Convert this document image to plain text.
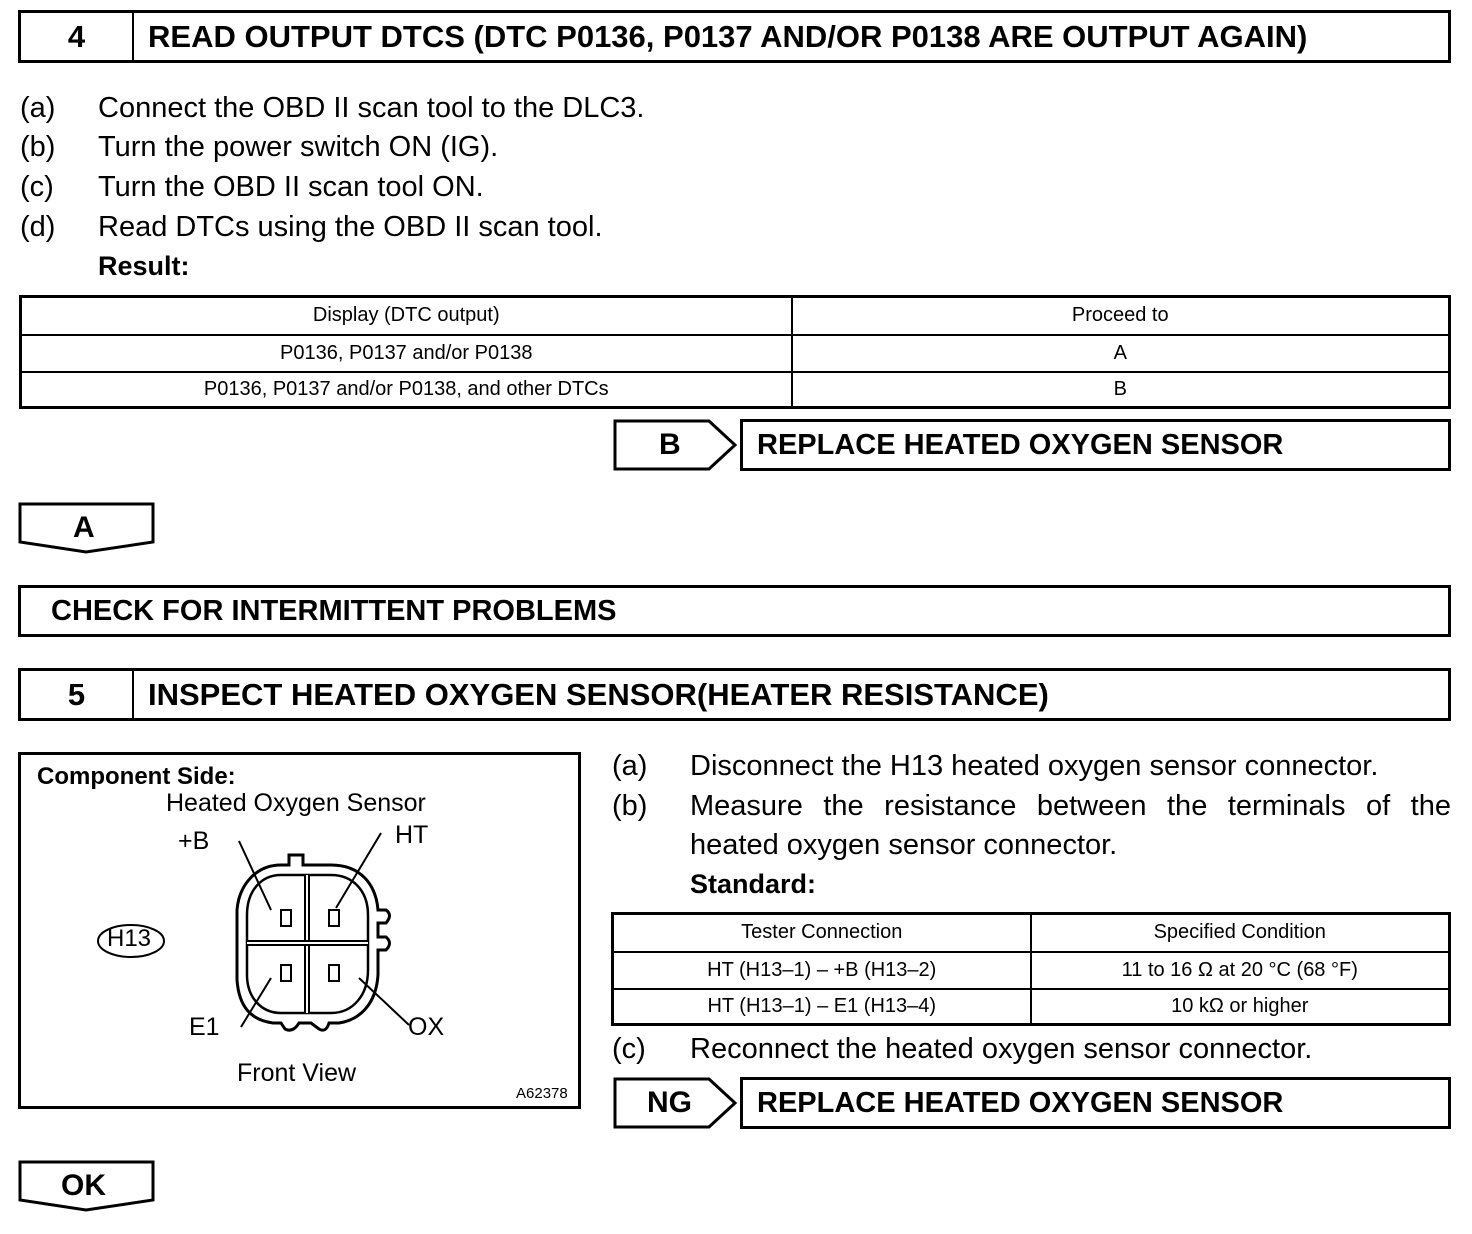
4	READ OUTPUT DTCS (DTC P0136, P0137 AND/OR P0138 ARE OUTPUT AGAIN)
(a) Connect the OBD II scan tool to the DLC3.
(b) Turn the power switch ON (IG).
(c) Turn the OBD II scan tool ON.
(d) Read DTCs using the OBD II scan tool.
Result:
Display (DTC output)	Proceed to
P0136, P0137 and/or P0138	A
P0136, P0137 and/or P0138, and other DTCs	B
B	REPLACE HEATED OXYGEN SENSOR
A
CHECK FOR INTERMITTENT PROBLEMS
5	INSPECT HEATED OXYGEN SENSOR(HEATER RESISTANCE)
Component Side:
Heated Oxygen Sensor
+B	HT
E1	OX
Front View
A62378
H13
(a) Disconnect the H13 heated oxygen sensor connector.
(b) Measure the resistance between the terminals of the
heated oxygen sensor connector.
Standard:
Tester Connection	Specified Condition
HT (H13–1) – +B (H13–2)	11 to 16 Ω at 20 °C (68 °F)
HT (H13–1) – E1 (H13–4)	10 kΩ or higher
(c) Reconnect the heated oxygen sensor connector.
NG	REPLACE HEATED OXYGEN SENSOR
OK
